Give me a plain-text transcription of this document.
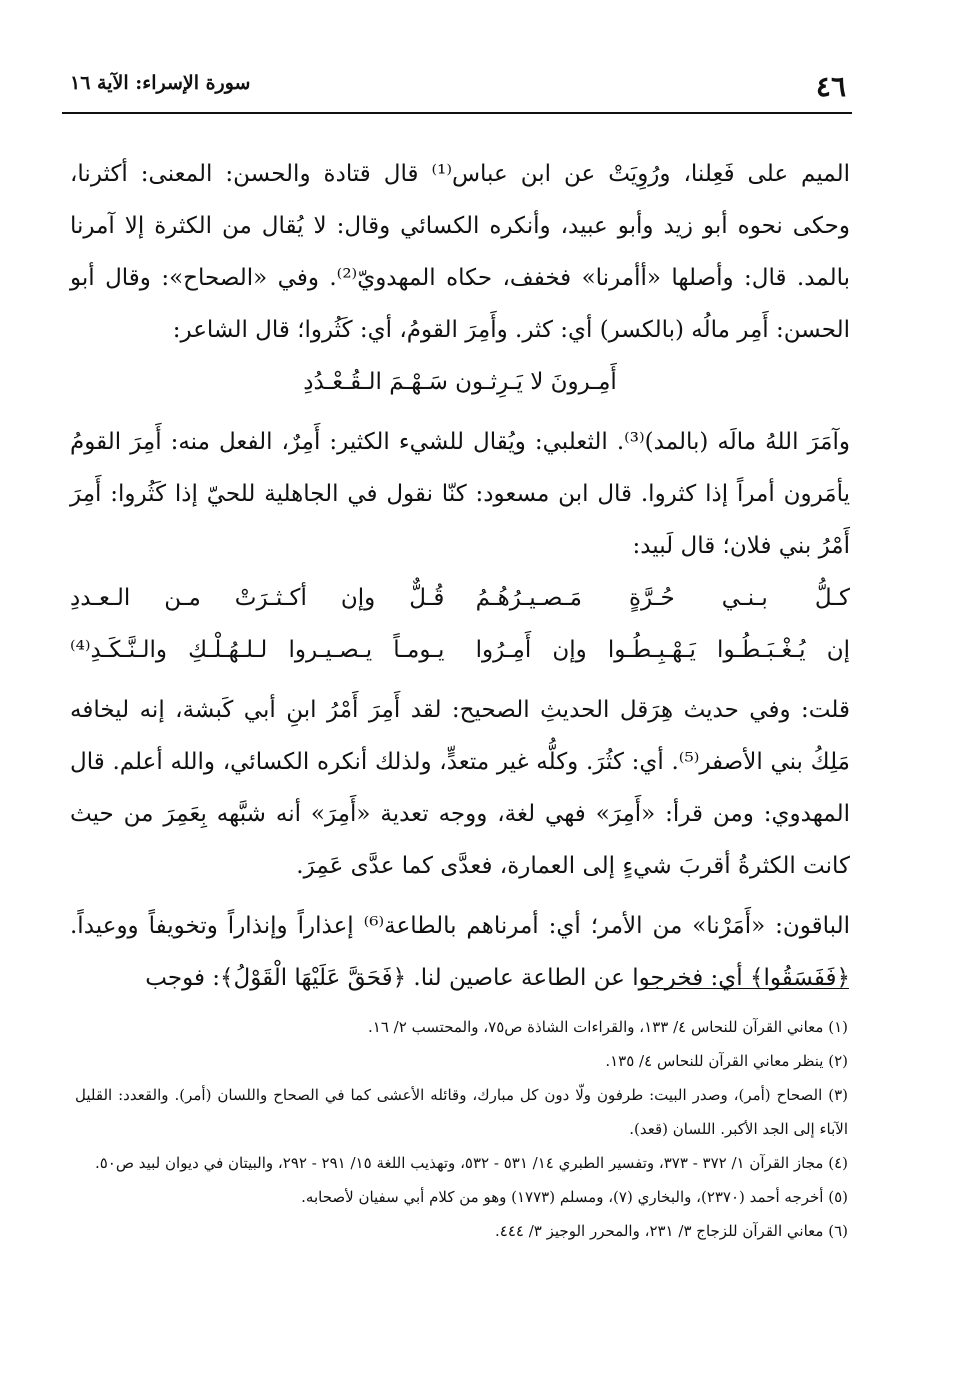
٤٦
سورة الإسراء: الآية ١٦

الميم على فَعِلنا، ورُوِيَتْ عن ابن عباس⁽¹⁾ قال قتادة والحسن: المعنى: أكثرنا، وحكى نحوه أبو زيد وأبو عبيد، وأنكره الكسائي وقال: لا يُقال من الكثرة إلا آمرنا بالمد. قال: وأصلها «أأمرنا» فخفف، حكاه المهدويّ⁽²⁾. وفي «الصحاح»: وقال أبو الحسن: أَمِر مالُه (بالكسر) أي: كثر. وأَمِرَ القومُ، أي: كَثُروا؛ قال الشاعر:

أَمِـرونَ لا يَـرِثـون سَـهْـمَ الـقُـعْـدُدِ

وآمَرَ اللهُ مالَه (بالمد)⁽³⁾. الثعلبي: ويُقال للشيء الكثير: أَمِرٌ، الفعل منه: أَمِرَ القومُ يأمَرون أمراً إذا كثروا. قال ابن مسعود: كنّا نقول في الجاهلية للحيّ إذا كَثُروا: أَمِرَ أَمْرُ بني فلان؛ قال لَبيد:

كـلُّ بـنـي حُـرَّةٍ مَـصـيـرُهُـمُ
قُـلٌّ وإن أكـثـرَتْ مـن الـعـددِ
إن يُـغْـبَـطُـوا يَـهْـبِـطُـوا وإن أَمِـرُوا
يـومـاً يـصـيـروا لـلـهُـلْـكِ والـنَّـكَـدِ⁽⁴⁾

قلت: وفي حديث هِرَقل الحديثِ الصحيح: لقد أَمِرَ أَمْرُ ابنِ أبي كَبشة، إنه ليخافه مَلِكُ بني الأصفر⁽⁵⁾. أي: كثُرَ. وكلُّه غير متعدٍّ، ولذلك أنكره الكسائي، والله أعلم. قال المهدوي: ومن قرأ: «أَمِرَ» فهي لغة، ووجه تعدية «أَمِرَ» أنه شبَّهه بِعَمِرَ من حيث كانت الكثرةُ أقربَ شيءٍ إلى العمارة، فعدَّى كما عدَّى عَمِرَ.

الباقون: «أَمَرْنا» من الأمر؛ أي: أمرناهم بالطاعة⁽⁶⁾ إعذاراً وإنذاراً وتخويفاً ووعيداً. ﴿فَفَسَقُوا﴾ أي: فخرجوا عن الطاعة عاصين لنا. ﴿فَحَقَّ عَلَيْهَا الْقَوْلُ﴾: فوجب

(١) معاني القرآن للنحاس ٤/ ١٣٣، والقراءات الشاذة ص٧٥، والمحتسب ٢/ ١٦.

(٢) ينظر معاني القرآن للنحاس ٤/ ١٣٥.

(٣) الصحاح (أمر)، وصدر البيت: طرفون ولّا دون كل مبارك، وقائله الأعشى كما في الصحاح واللسان (أمر). والقعدد: القليل الآباء إلى الجد الأكبر. اللسان (قعد).

(٤) مجاز القرآن ١/ ٣٧٢ - ٣٧٣، وتفسير الطبري ١٤/ ٥٣١ - ٥٣٢، وتهذيب اللغة ١٥/ ٢٩١ - ٢٩٢، والبيتان في ديوان لبيد ص٥٠.

(٥) أخرجه أحمد (٢٣٧٠)، والبخاري (٧)، ومسلم (١٧٧٣) وهو من كلام أبي سفيان لأصحابه.

(٦) معاني القرآن للزجاج ٣/ ٢٣١، والمحرر الوجيز ٣/ ٤٤٤.
